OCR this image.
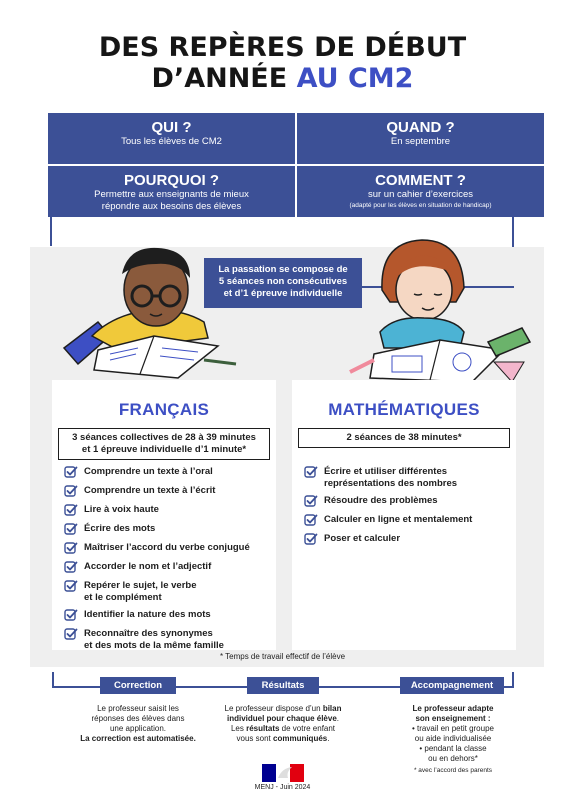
DES REPÈRES DE DÉBUT
D’ANNÉE AU CM2
QUI ?
Tous les élèves de CM2
QUAND ?
En septembre
POURQUOI ?
Permettre aux enseignants de mieux
répondre aux besoins des élèves
COMMENT ?
sur un cahier d’exercices
(adapté pour les élèves en situation de handicap)
La passation se compose de
5 séances non consécutives
et d’1 épreuve individuelle
FRANÇAIS
3 séances collectives de 28 à 39 minutes
et 1 épreuve individuelle d’1 minute*
Comprendre un texte à l’oral
Comprendre un texte à l’écrit
Lire à voix haute
Écrire des mots
Maîtriser l’accord du verbe conjugué
Accorder le nom et l’adjectif
Repérer le sujet, le verbe
et le complément
Identifier la nature des mots
Reconnaître des synonymes
et des mots de la même famille
MATHÉMATIQUES
2 séances de 38 minutes*
Écrire et utiliser différentes
représentations des nombres
Résoudre des problèmes
Calculer en ligne et mentalement
Poser et calculer
* Temps de travail effectif de l’élève
Correction	Résultats	Accompagnement
Le professeur saisit les
réponses des élèves dans
une application.
La correction est automatisée.
Le professeur dispose d’un bilan
individuel pour chaque élève.
Les résultats de votre enfant
vous sont communiqués.
Le professeur adapte
son enseignement :
• travail en petit groupe
ou aide individualisée
• pendant la classe
ou en dehors*
* avec l’accord des parents
MENJ - Juin 2024
